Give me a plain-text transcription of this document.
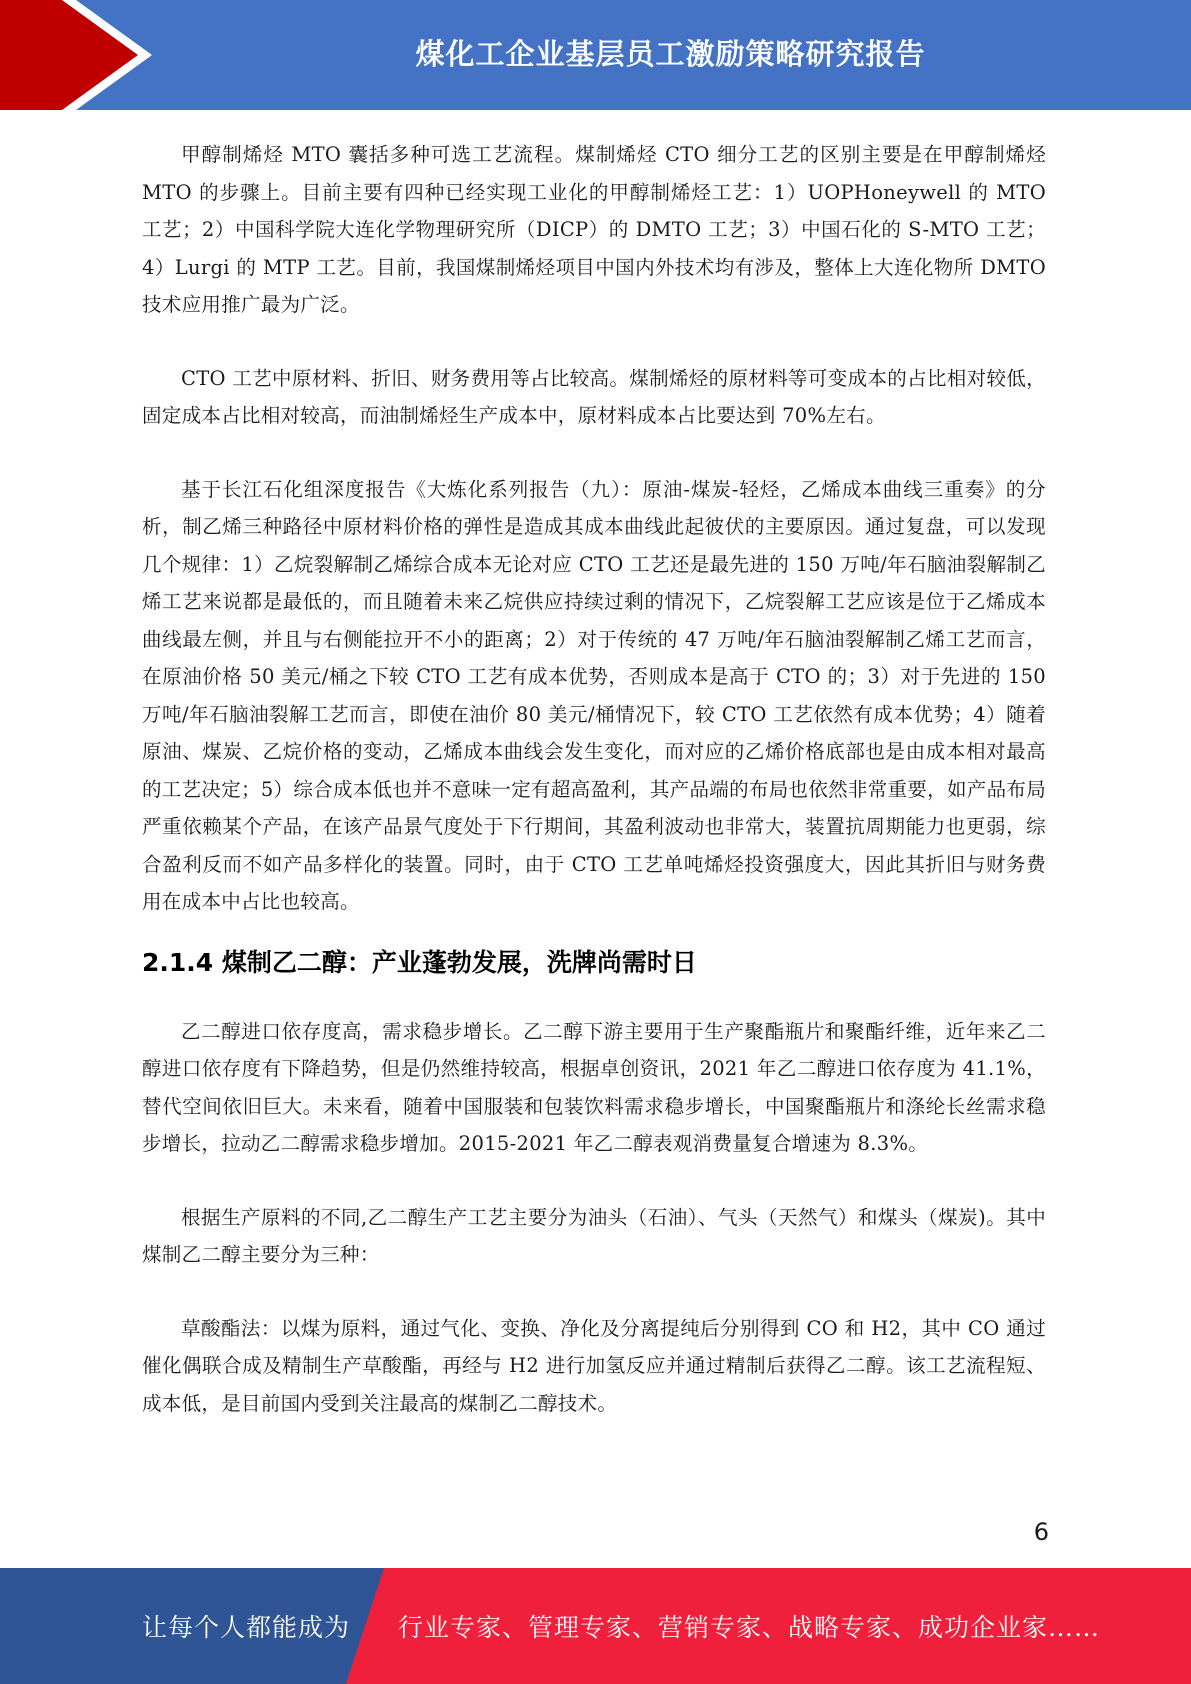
煤化工企业基层员工激励策略研究报告

甲醇制烯烃 MTO 囊括多种可选工艺流程。煤制烯烃 CTO 细分工艺的区别主要是在甲醇制烯烃 MTO 的步骤上。目前主要有四种已经实现工业化的甲醇制烯烃工艺：1）UOPHoneywell 的 MTO 工艺；2）中国科学院大连化学物理研究所（DICP）的 DMTO 工艺；3）中国石化的 S-MTO 工艺；4）Lurgi 的 MTP 工艺。目前，我国煤制烯烃项目中国内外技术均有涉及，整体上大连化物所 DMTO 技术应用推广最为广泛。

CTO 工艺中原材料、折旧、财务费用等占比较高。煤制烯烃的原材料等可变成本的占比相对较低，固定成本占比相对较高，而油制烯烃生产成本中，原材料成本占比要达到 70%左右。

基于长江石化组深度报告《大炼化系列报告（九）：原油-煤炭-轻烃，乙烯成本曲线三重奏》的分析，制乙烯三种路径中原材料价格的弹性是造成其成本曲线此起彼伏的主要原因。通过复盘，可以发现几个规律：1）乙烷裂解制乙烯综合成本无论对应 CTO 工艺还是最先进的 150 万吨/年石脑油裂解制乙烯工艺来说都是最低的，而且随着未来乙烷供应持续过剩的情况下，乙烷裂解工艺应该是位于乙烯成本曲线最左侧，并且与右侧能拉开不小的距离；2）对于传统的 47 万吨/年石脑油裂解制乙烯工艺而言，在原油价格 50 美元/桶之下较 CTO 工艺有成本优势，否则成本是高于 CTO 的；3）对于先进的 150 万吨/年石脑油裂解工艺而言，即使在油价 80 美元/桶情况下，较 CTO 工艺依然有成本优势；4）随着原油、煤炭、乙烷价格的变动，乙烯成本曲线会发生变化，而对应的乙烯价格底部也是由成本相对最高的工艺决定；5）综合成本低也并不意味一定有超高盈利，其产品端的布局也依然非常重要，如产品布局严重依赖某个产品，在该产品景气度处于下行期间，其盈利波动也非常大，装置抗周期能力也更弱，综合盈利反而不如产品多样化的装置。同时，由于 CTO 工艺单吨烯烃投资强度大，因此其折旧与财务费用在成本中占比也较高。

2.1.4 煤制乙二醇：产业蓬勃发展，洗牌尚需时日

乙二醇进口依存度高，需求稳步增长。乙二醇下游主要用于生产聚酯瓶片和聚酯纤维，近年来乙二醇进口依存度有下降趋势，但是仍然维持较高，根据卓创资讯，2021 年乙二醇进口依存度为 41.1%，替代空间依旧巨大。未来看，随着中国服装和包装饮料需求稳步增长，中国聚酯瓶片和涤纶长丝需求稳步增长，拉动乙二醇需求稳步增加。2015-2021 年乙二醇表观消费量复合增速为 8.3%。

根据生产原料的不同,乙二醇生产工艺主要分为油头（石油）、气头（天然气）和煤头（煤炭)。其中煤制乙二醇主要分为三种：

草酸酯法：以煤为原料，通过气化、变换、净化及分离提纯后分别得到 CO 和 H2，其中 CO 通过催化偶联合成及精制生产草酸酯，再经与 H2 进行加氢反应并通过精制后获得乙二醇。该工艺流程短、成本低，是目前国内受到关注最高的煤制乙二醇技术。

6
让每个人都能成为 行业专家、管理专家、营销专家、战略专家、成功企业家……
